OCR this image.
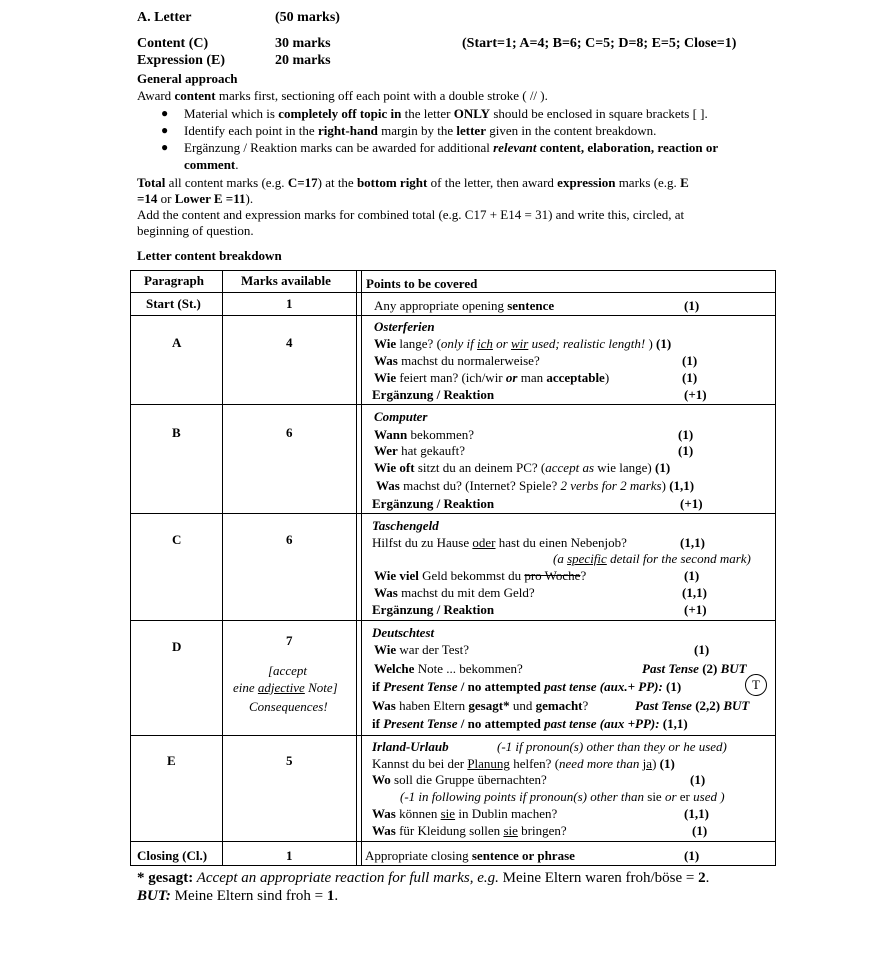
A. Letter	(50 marks)
Content (C)	30 marks	(Start=1; A=4; B=6; C=5; D=8; E=5; Close=1)
Expression (E)	20 marks
General approach
Award content marks first, sectioning off each point with a double stroke ( // ).
● Material which is completely off topic in the letter ONLY should be enclosed in square brackets [ ].
● Identify each point in the right-hand margin by the letter given in the content breakdown.
● Ergänzung / Reaktion marks can be awarded for additional relevant content, elaboration, reaction or
comment.
Total all content marks (e.g. C=17) at the bottom right of the letter, then award expression marks (e.g. E
=14 or Lower E =11).
Add the content and expression marks for combined total (e.g. C17 + E14 = 31) and write this, circled, at
beginning of question.
Letter content breakdown
Paragraph	Marks available	Points to be covered
Start (St.)	1	Any appropriate opening sentence	(1)
A	4
Osterferien
Wie lange? (only if ich or wir used; realistic length! ) (1)
Was machst du normalerweise?	(1)
Wie feiert man? (ich/wir or man acceptable)	(1)
Ergänzung / Reaktion	(+1)
B	6
Computer
Wann bekommen?	(1)
Wer hat gekauft?	(1)
Wie oft sitzt du an deinem PC? (accept as wie lange) (1)
Was machst du? (Internet? Spiele? 2 verbs for 2 marks) (1,1)
Ergänzung / Reaktion	(+1)
C	6
Taschengeld
Hilfst du zu Hause oder hast du einen Nebenjob?	(1,1)
(a specific detail for the second mark)
Wie viel Geld bekommst du pro Woche?	(1)
Was machst du mit dem Geld?	(1,1)
Ergänzung / Reaktion	(+1)
D	7
[accept
eine adjective Note]
Consequences!
Deutschtest
Wie war der Test?	(1)
Welche Note ... bekommen?	Past Tense (2) BUT
if Present Tense / no attempted past tense (aux.+ PP): (1)	T
Was haben Eltern gesagt* und gemacht?	Past Tense (2,2) BUT
if Present Tense / no attempted past tense (aux +PP): (1,1)
E	5
Irland-Urlaub	(-1 if pronoun(s) other than they or he used)
Kannst du bei der Planung helfen? (need more than ja) (1)
Wo soll die Gruppe übernachten?	(1)
(-1 in following points if pronoun(s) other than sie or er used )
Was können sie in Dublin machen?	(1,1)
Was für Kleidung sollen sie bringen?	(1)
Closing (Cl.)	1	Appropriate closing sentence or phrase	(1)
* gesagt: Accept an appropriate reaction for full marks, e.g. Meine Eltern waren froh/böse = 2.
BUT: Meine Eltern sind froh = 1.
